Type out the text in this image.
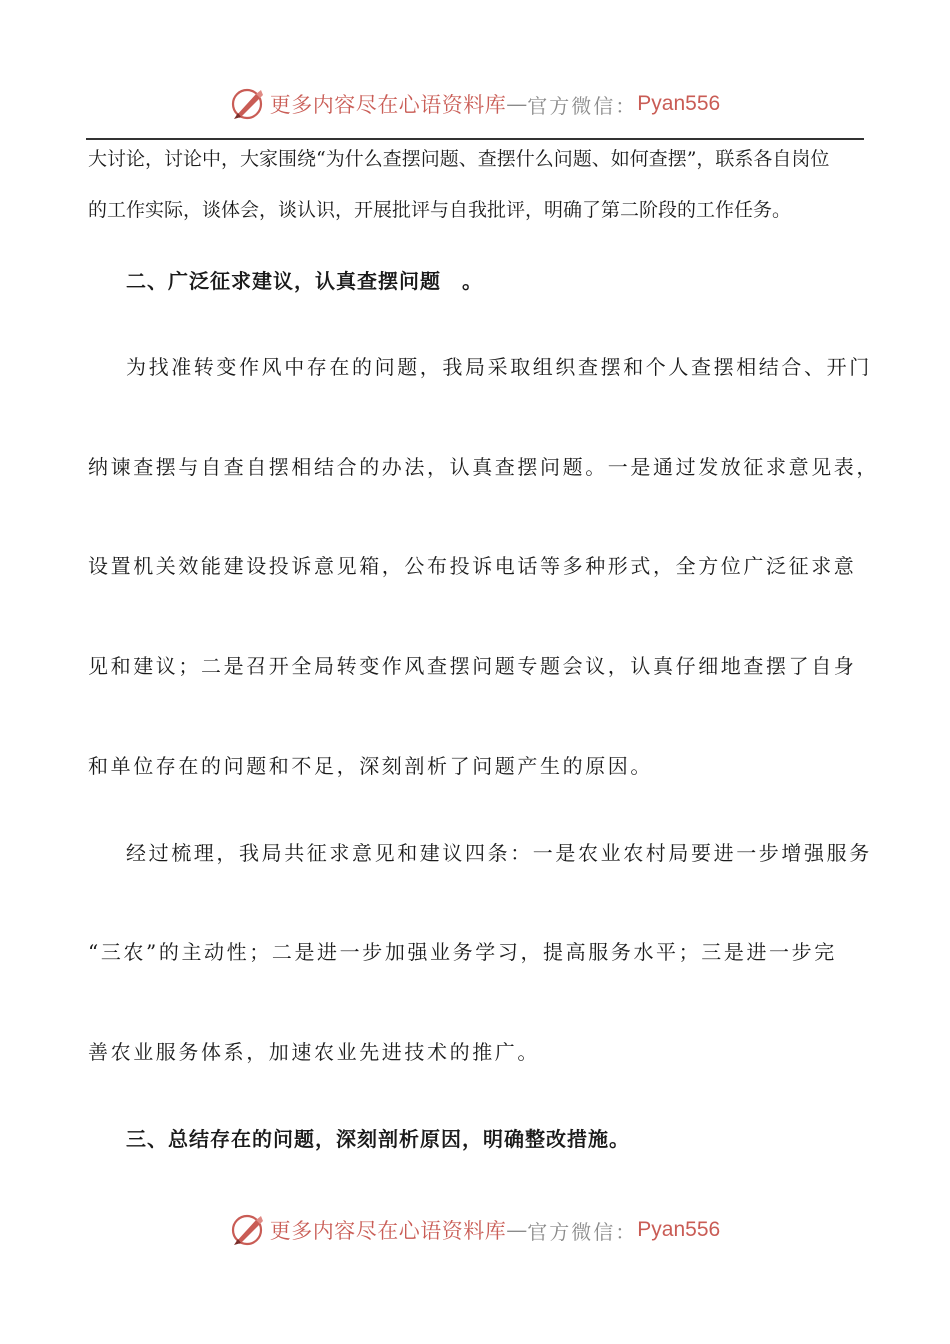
更多内容尽在心语资料库 — 官方微信： Pyan556
大讨论，讨论中，大家围绕“为什么查摆问题、查摆什么问题、如何查摆”，联系各自岗位
的工作实际，谈体会，谈认识，开展批评与自我批评，明确了第二阶段的工作任务。
二、广泛征求建议，认真查摆问题　。
为找准转变作风中存在的问题，我局采取组织查摆和个人查摆相结合、开门
纳谏查摆与自查自摆相结合的办法，认真查摆问题。一是通过发放征求意见表，
设置机关效能建设投诉意见箱，公布投诉电话等多种形式，全方位广泛征求意
见和建议；二是召开全局转变作风查摆问题专题会议，认真仔细地查摆了自身
和单位存在的问题和不足，深刻剖析了问题产生的原因。
经过梳理，我局共征求意见和建议四条：一是农业农村局要进一步增强服务
“三农”的主动性；二是进一步加强业务学习，提高服务水平；三是进一步完
善农业服务体系，加速农业先进技术的推广。
三、总结存在的问题，深刻剖析原因，明确整改措施。
更多内容尽在心语资料库 — 官方微信： Pyan556
